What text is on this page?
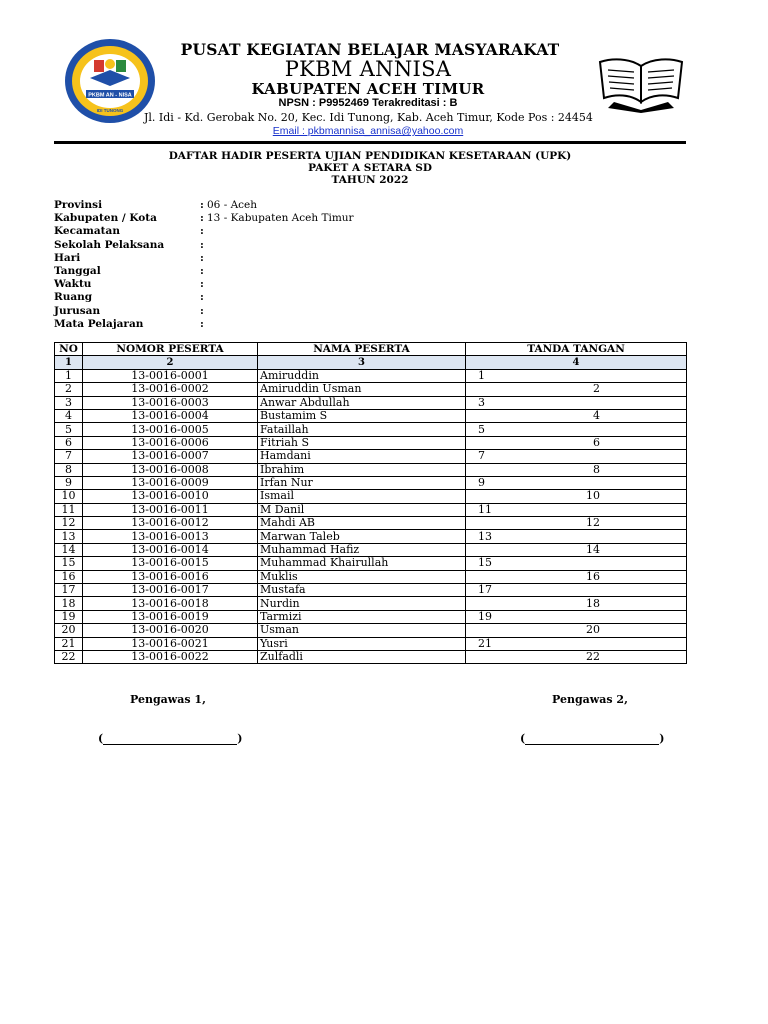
PKBM AN - NISA
IDI TUNONG
PUSAT KEGIATAN BELAJAR MASYARAKAT
PKBM ANNISA
KABUPATEN ACEH TIMUR
NPSN : P9952469 Terakreditasi : B
Jl. Idi - Kd. Gerobak No. 20, Kec. Idi Tunong, Kab. Aceh Timur, Kode Pos : 24454
Email : pkbmannisa_annisa@yahoo.com
DAFTAR HADIR PESERTA UJIAN PENDIDIKAN KESETARAAN (UPK)
PAKET A SETARA SD
TAHUN 2022
Provinsi	: 06 - Aceh
Kabupaten / Kota	: 13 - Kabupaten Aceh Timur
Kecamatan	:
Sekolah Pelaksana	:
Hari	:
Tanggal	:
Waktu	:
Ruang	:
Jurusan	:
Mata Pelajaran	:
NO	NOMOR PESERTA	NAMA PESERTA	TANDA TANGAN
1	2	3	4
1	13-0016-0001	Amiruddin	1
2	13-0016-0002	Amiruddin Usman	2
3	13-0016-0003	Anwar Abdullah	3
4	13-0016-0004	Bustamim S	4
5	13-0016-0005	Fataillah	5
6	13-0016-0006	Fitriah S	6
7	13-0016-0007	Hamdani	7
8	13-0016-0008	Ibrahim	8
9	13-0016-0009	Irfan Nur	9
10	13-0016-0010	Ismail	10
11	13-0016-0011	M Danil	11
12	13-0016-0012	Mahdi AB	12
13	13-0016-0013	Marwan Taleb	13
14	13-0016-0014	Muhammad Hafiz	14
15	13-0016-0015	Muhammad Khairullah	15
16	13-0016-0016	Muklis	16
17	13-0016-0017	Mustafa	17
18	13-0016-0018	Nurdin	18
19	13-0016-0019	Tarmizi	19
20	13-0016-0020	Usman	20
21	13-0016-0021	Yusri	21
22	13-0016-0022	Zulfadli	22
Pengawas 1,	Pengawas 2,
(	)	(	)
